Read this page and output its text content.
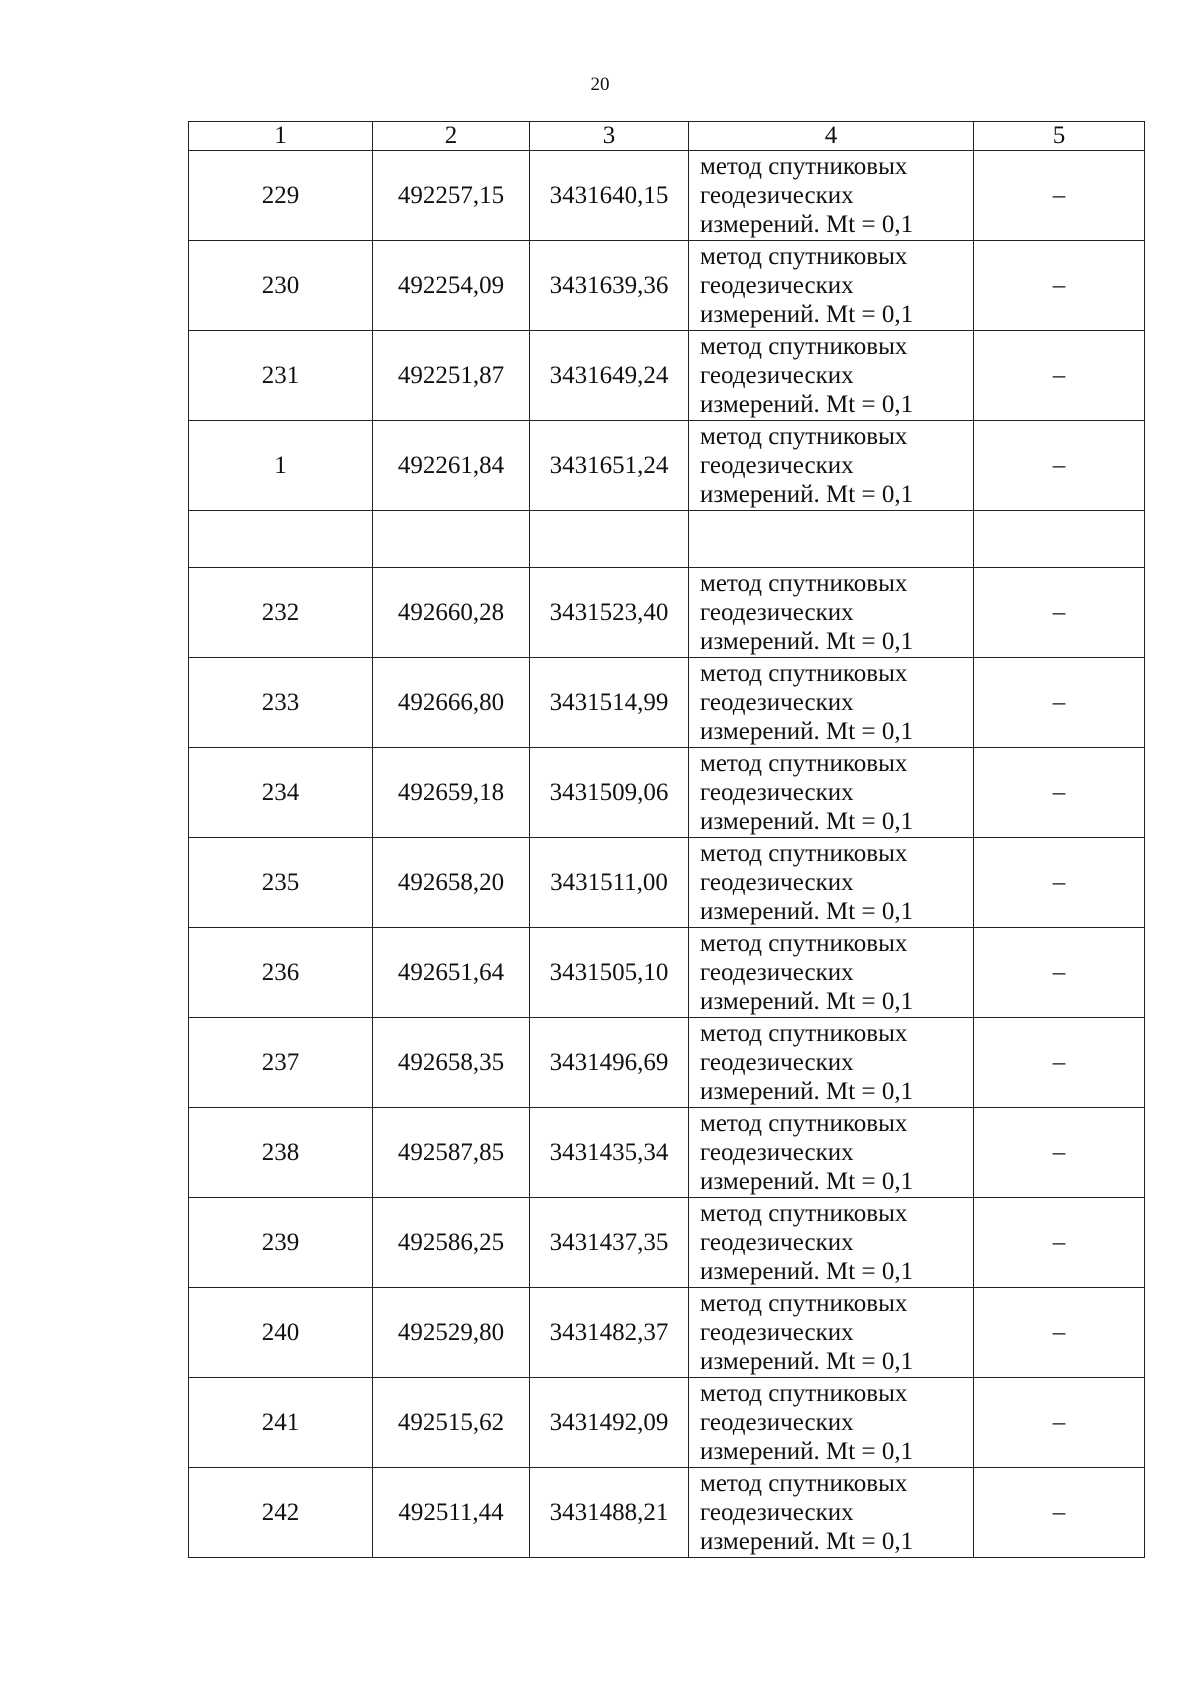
20
1	2	3	4	5
229	492257,15	3431640,15	метод спутниковых геодезических измерений. Mt = 0,1	–
230	492254,09	3431639,36	метод спутниковых геодезических измерений. Mt = 0,1	–
231	492251,87	3431649,24	метод спутниковых геодезических измерений. Mt = 0,1	–
1	492261,84	3431651,24	метод спутниковых геодезических измерений. Mt = 0,1	–

232	492660,28	3431523,40	метод спутниковых геодезических измерений. Mt = 0,1	–
233	492666,80	3431514,99	метод спутниковых геодезических измерений. Mt = 0,1	–
234	492659,18	3431509,06	метод спутниковых геодезических измерений. Mt = 0,1	–
235	492658,20	3431511,00	метод спутниковых геодезических измерений. Mt = 0,1	–
236	492651,64	3431505,10	метод спутниковых геодезических измерений. Mt = 0,1	–
237	492658,35	3431496,69	метод спутниковых геодезических измерений. Mt = 0,1	–
238	492587,85	3431435,34	метод спутниковых геодезических измерений. Mt = 0,1	–
239	492586,25	3431437,35	метод спутниковых геодезических измерений. Mt = 0,1	–
240	492529,80	3431482,37	метод спутниковых геодезических измерений. Mt = 0,1	–
241	492515,62	3431492,09	метод спутниковых геодезических измерений. Mt = 0,1	–
242	492511,44	3431488,21	метод спутниковых геодезических измерений. Mt = 0,1	–
